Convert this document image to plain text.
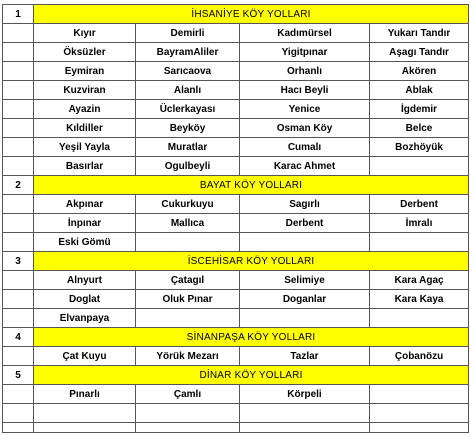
1	İHSANİYE KÖY YOLLARI			
	Kıyır	Demirli	Kadımürsel	Yukarı Tandır
	Öksüzler	BayramAliler	Yigitpınar	Aşagı Tandır
	Eymiran	Sarıcaova	Orhanlı	Akören
	Kuzviran	Alanlı	Hacı Beyli	Ablak
	Ayazin	Üclerkayası	Yenice	İgdemir
	Kıldiller	Beyköy	Osman Köy	Belce
	Yeşil Yayla	Muratlar	Cumalı	Bozhöyük
	Basırlar	Ogulbeyli	Karac Ahmet	
2	BAYAT KÖY YOLLARI			
	Akpınar	Cukurkuyu	Sagırlı	Derbent
	İnpınar	Mallıca	Derbent	İmralı
	Eski Gömü			
3	İSCEHİSAR KÖY YOLLARI			
	Alnyurt	Çatagıl	Selimiye	Kara Agaç
	Doglat	Oluk Pınar	Doganlar	Kara Kaya
	Elvanpaya			
4	SİNANPAŞA KÖY YOLLARI			
	Çat Kuyu	Yörük Mezarı	Tazlar	Çobanözu
5	DİNAR KÖY YOLLARI			
	Pınarlı	Çamlı	Körpeli	
